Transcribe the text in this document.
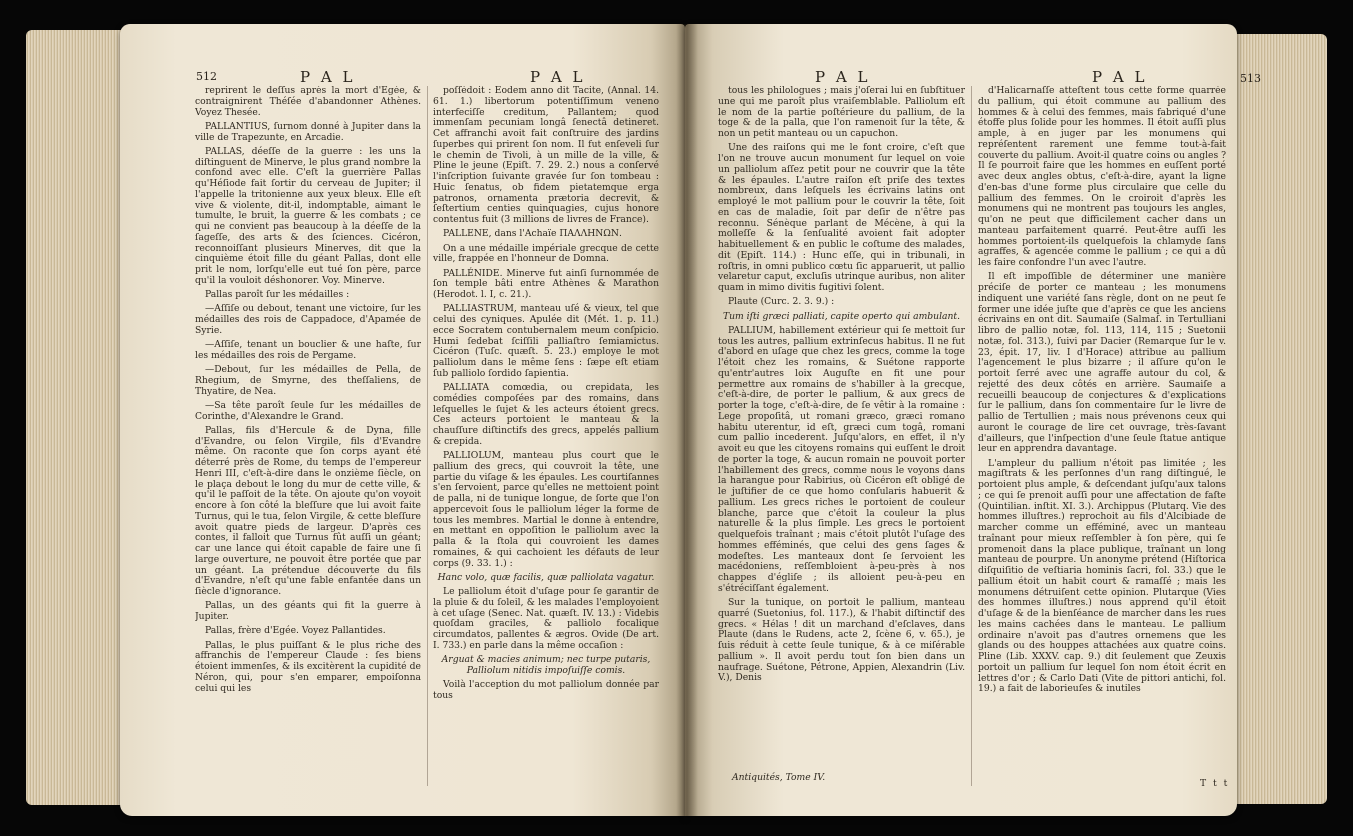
512	P A L	P A L

reprirent le deſſus après la mort d'Egée, & contraignirent Théſée d'abandonner Athènes. Voyez Thesée.

PALLANTIUS, ſurnom donné à Jupiter dans la ville de Trapezunte, en Arcadie.

PALLAS, déeſſe de la guerre : les uns la diſtinguent de Minerve, le plus grand nombre la confond avec elle. C'eſt la guerrière Pallas qu'Héſiode fait ſortir du cerveau de Jupiter; il l'appelle la tritonienne aux yeux bleux. Elle eſt vive & violente, dit-il, indomptable, aimant le tumulte, le bruit, la guerre & les combats ; ce qui ne convient pas beaucoup à la déeſſe de la ſageſſe, des arts & des ſciences. Cicéron, reconnoiſſant plusieurs Minerves, dit que la cinquième étoit fille du géant Pallas, dont elle prit le nom, lorſqu'elle eut tué ſon père, parce qu'il la vouloit déshonorer. Voy. Minerve.

Pallas paroît ſur les médailles :

—Aſſiſe ou debout, tenant une victoire, ſur les médailles des rois de Cappadoce, d'Apamée de Syrie.

—Aſſiſe, tenant un bouclier & une haſte, ſur les médailles des rois de Pergame.

—Debout, ſur les médailles de Pella, de Rhegium, de Smyrne, des theſſaliens, de Thyatire, de Nea.

—Sa tête paroît ſeule ſur les médailles de Corinthe, d'Alexandre le Grand.

Pallas, fils d'Hercule & de Dyna, fille d'Evandre, ou ſelon Virgile, fils d'Evandre même. On raconte que ſon corps ayant été déterré près de Rome, du temps de l'empereur Henri III, c'eſt-à-dire dans le onzième ſiècle, on le plaça debout le long du mur de cette ville, & qu'il le paſſoit de la tête. On ajoute qu'on voyoit encore à ſon côté la bleſſure que lui avoit faite Turnus, qui le tua, ſelon Virgile, & cette bleſſure avoit quatre pieds de largeur. D'après ces contes, il falloit que Turnus fût auſſi un géant; car une lance qui étoit capable de faire une ſi large ouverture, ne pouvoit être portée que par un géant. La prétendue découverte du fils d'Evandre, n'eſt qu'une fable enfantée dans un ſiècle d'ignorance.

Pallas, un des géants qui fit la guerre à Jupiter.

Pallas, frère d'Egée. Voyez Pallantides.

Pallas, le plus puiſſant & le plus riche des affranchis de l'empereur Claude : ſes biens étoient immenſes, & ils excitèrent la cupidité de Néron, qui, pour s'en emparer, empoiſonna celui qui les

poſſédoit : Eodem anno dit Tacite, (Annal. 14. 61. 1.) libertorum potentiſſimum veneno interfeciſſe creditum, Pallantem; quod immenſam pecuniam longâ ſenectâ detineret. Cet affranchi avoit fait conſtruire des jardins ſuperbes qui prirent ſon nom. Il fut enſeveli ſur le chemin de Tivoli, à un mille de la ville, & Pline le jeune (Epiſt. 7. 29. 2.) nous a conſervé l'inſcription ſuivante gravée ſur ſon tombeau : Huic ſenatus, ob fidem pietatemque erga patronos, ornamenta prætoria decrevit, & ſeſtertium centies quinquagies, cujus honore contentus fuit (3 millions de livres de France).

PALLENE, dans l'Achaïe ΠΑΛΛΗΝΩΝ.

On a une médaille impériale grecque de cette ville, frappée en l'honneur de Domna.

PALLÉNIDE. Minerve fut ainſi ſurnommée de ſon temple bâti entre Athènes & Marathon (Herodot. l. I, c. 21.).

PALLIASTRUM, manteau uſé & vieux, tel que celui des cyniques. Apulée dit (Mét. 1. p. 11.) ecce Socratem contubernalem meum conſpicio. Humi ſedebat ſciſſili palliaſtro ſemiamictus. Cicéron (Tuſc. quæſt. 5. 23.) employe le mot palliolum dans le même ſens : ſæpe eſt etiam ſub palliolo ſordido ſapientia.

PALLIATA comœdia, ou crepidata, les comédies compoſées par des romains, dans leſquelles le ſujet & les acteurs étoient grecs. Ces acteurs portoient le manteau & la chauſſure diſtinctifs des grecs, appelés pallium & crepida.

PALLIOLUM, manteau plus court que le pallium des grecs, qui couvroit la tête, une partie du viſage & les épaules. Les courtiſannes s'en ſervoient, parce qu'elles ne mettoient point de palla, ni de tunique longue, de ſorte que l'on appercevoit ſous le palliolum léger la forme de tous les membres. Martial le donne à entendre, en mettant en oppoſition le palliolum avec la palla & la ſtola qui couvroient les dames romaines, & qui cachoient les défauts de leur corps (9. 33. 1.) :

Hanc volo, quæ facilis, quæ palliolata vagatur.

Le palliolum étoit d'uſage pour ſe garantir de la pluie & du ſoleil, & les malades l'employoient à cet uſage (Senec. Nat. quæſt. IV. 13.) : Videbis quoſdam graciles, & palliolo focalique circumdatos, pallentes & ægros. Ovide (De art. I. 733.) en parle dans la même occaſion :

Arguat & macies animum; nec turpe putaris, Palliolum nitidis impoſuiſſe comis.

Voilà l'acception du mot palliolum donnée par tous

P A L	P A L	513

tous les philologues ; mais j'oſerai lui en ſubſtituer une qui me paroît plus vraiſemblable. Palliolum eſt le nom de la partie poſtérieure du pallium, de la toge & de la palla, que l'on ramenoit ſur la tête, & non un petit manteau ou un capuchon.

Une des raiſons qui me le font croire, c'eſt que l'on ne trouve aucun monument ſur lequel on voie un palliolum aſſez petit pour ne couvrir que la tête & les épaules. L'autre raiſon eſt priſe des textes nombreux, dans leſquels les écrivains latins ont employé le mot pallium pour le couvrir la tête, ſoit en cas de maladie, ſoit par deſir de n'être pas reconnu. Sénèque parlant de Mécène, à qui la molleſſe & la ſenſualité avoient fait adopter habituellement & en public le coſtume des malades, dit (Epiſt. 114.) : Hunc eſſe, qui in tribunali, in roſtris, in omni publico cœtu ſic apparuerit, ut pallio velaretur caput, excluſis utrinque auribus, non aliter quam in mimo divitis fugitivi ſolent.

Plaute (Curc. 2. 3. 9.) :

Tum iſti græci palliati, capite operto qui ambulant.

PALLIUM, habillement extérieur qui ſe mettoit ſur tous les autres, pallium extrinſecus habitus. Il ne fut d'abord en uſage que chez les grecs, comme la toge l'étoit chez les romains, & Suétone rapporte qu'entr'autres loix Auguſte en fit une pour permettre aux romains de s'habiller à la grecque, c'eſt-à-dire, de porter le pallium, & aux grecs de porter la toge, c'eſt-à-dire, de ſe vêtir à la romaine : Lege propoſitâ, ut romani græco, græci romano habitu uterentur, id eſt, græci cum togâ, romani cum pallio incederent. Juſqu'alors, en effet, il n'y avoit eu que les citoyens romains qui euſſent le droit de porter la toge, & aucun romain ne pouvoit porter l'habillement des grecs, comme nous le voyons dans la harangue pour Rabirius, où Cicéron eſt obligé de le juſtifier de ce que homo conſularis habuerit & pallium. Les grecs riches le portoient de couleur blanche, parce que c'étoit la couleur la plus naturelle & la plus ſimple. Les grecs le portoient quelquefois traînant ; mais c'étoit plutôt l'uſage des hommes efféminés, que celui des gens ſages & modeſtes. Les manteaux dont ſe ſervoient les macédoniens, reſſembloient à-peu-près à nos chappes d'égliſe ; ils alloient peu-à-peu en s'étréciſſant également.

Sur la tunique, on portoit le pallium, manteau quarré (Suetonius, fol. 117.), & l'habit diſtinctif des grecs. « Hélas ! dit un marchand d'eſclaves, dans Plaute (dans le Rudens, acte 2, ſcène 6, v. 65.), je ſuis réduit à cette ſeule tunique, & à ce miſérable pallium ». Il avoit perdu tout ſon bien dans un naufrage. Suétone, Pétrone, Appien, Alexandrin (Liv. V.), Denis

d'Halicarnaſſe atteſtent tous cette forme quarrée du pallium, qui étoit commune au pallium des hommes & à celui des femmes, mais fabriqué d'une étoffe plus ſolide pour les hommes. Il étoit auſſi plus ample, à en juger par les monumens qui repréſentent rarement une femme tout-à-fait couverte du pallium. Avoit-il quatre coins ou angles ? Il ſe pourroit faire que les hommes en euſſent porté avec deux angles obtus, c'eſt-à-dire, ayant la ligne d'en-bas d'une forme plus circulaire que celle du pallium des femmes. On le croiroit d'après les monumens qui ne montrent pas toujours les angles, qu'on ne peut que difficilement cacher dans un manteau parfaitement quarré. Peut-être auſſi les hommes portoient-ils quelquefois la chlamyde ſans agraffes, & agencée comme le pallium ; ce qui a dû les faire confondre l'un avec l'autre.

Il eſt impoſſible de déterminer une manière préciſe de porter ce manteau ; les monumens indiquent une variété ſans règle, dont on ne peut ſe former une idée juſte que d'après ce que les anciens écrivains en ont dit. Saumaiſe (Salmaſ. in Tertulliani libro de pallio notæ, fol. 113, 114, 115 ; Suetonii notæ, fol. 313.), ſuivi par Dacier (Remarque ſur le v. 23, épit. 17, liv. I d'Horace) attribue au pallium l'agencement le plus bizarre ; il aſſure qu'on le portoit ſerré avec une agraffe autour du col, & rejetté des deux côtés en arrière. Saumaiſe a recueilli beaucoup de conjectures & d'explications ſur le pallium, dans ſon commentaire ſur le livre de pallio de Tertullien ; mais nous prévenons ceux qui auront le courage de lire cet ouvrage, très-ſavant d'ailleurs, que l'inſpection d'une ſeule ſtatue antique leur en apprendra davantage.

L'ampleur du pallium n'étoit pas limitée ; les magiſtrats & les perſonnes d'un rang diſtingué, le portoient plus ample, & deſcendant juſqu'aux talons ; ce qui ſe prenoit auſſi pour une affectation de faſte (Quintilian. inſtit. XI. 3.). Archippus (Plutarq. Vie des hommes illuſtres.) reprochoit au fils d'Alcibiade de marcher comme un efféminé, avec un manteau traînant pour mieux reſſembler à ſon père, qui ſe promenoit dans la place publique, traînant un long manteau de pourpre. Un anonyme prétend (Hiſtorica diſquiſitio de veſtiaria hominis ſacri, fol. 33.) que le pallium étoit un habit court & ramaſſé ; mais les monumens détruiſent cette opinion. Plutarque (Vies des hommes illuſtres.) nous apprend qu'il étoit d'uſage & de la bienſéance de marcher dans les rues les mains cachées dans le manteau. Le pallium ordinaire n'avoit pas d'autres ornemens que les glands ou des houppes attachées aux quatre coins. Pline (Lib. XXXV. cap. 9.) dit ſeulement que Zeuxis portoit un pallium ſur lequel ſon nom étoit écrit en lettres d'or ; & Carlo Dati (Vite de pittori antichi, fol. 19.) a fait de laborieuſes & inutiles

Antiquités, Tome IV.
T t t
